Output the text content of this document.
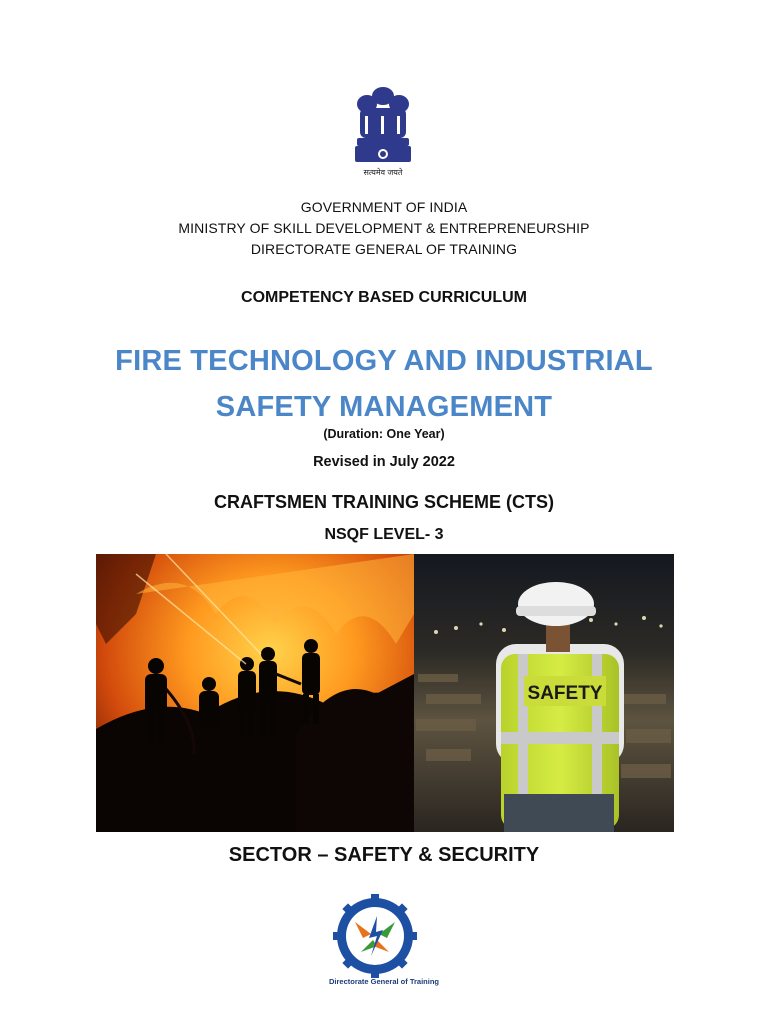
सत्यमेव जयते
GOVERNMENT OF INDIA
MINISTRY OF SKILL DEVELOPMENT & ENTREPRENEURSHIP
DIRECTORATE GENERAL OF TRAINING
COMPETENCY BASED CURRICULUM
FIRE TECHNOLOGY AND INDUSTRIAL
SAFETY MANAGEMENT
(Duration: One Year)
Revised in July 2022
CRAFTSMEN TRAINING SCHEME (CTS)
NSQF LEVEL- 3
SAFETY
SECTOR – SAFETY & SECURITY
Directorate General of Training
